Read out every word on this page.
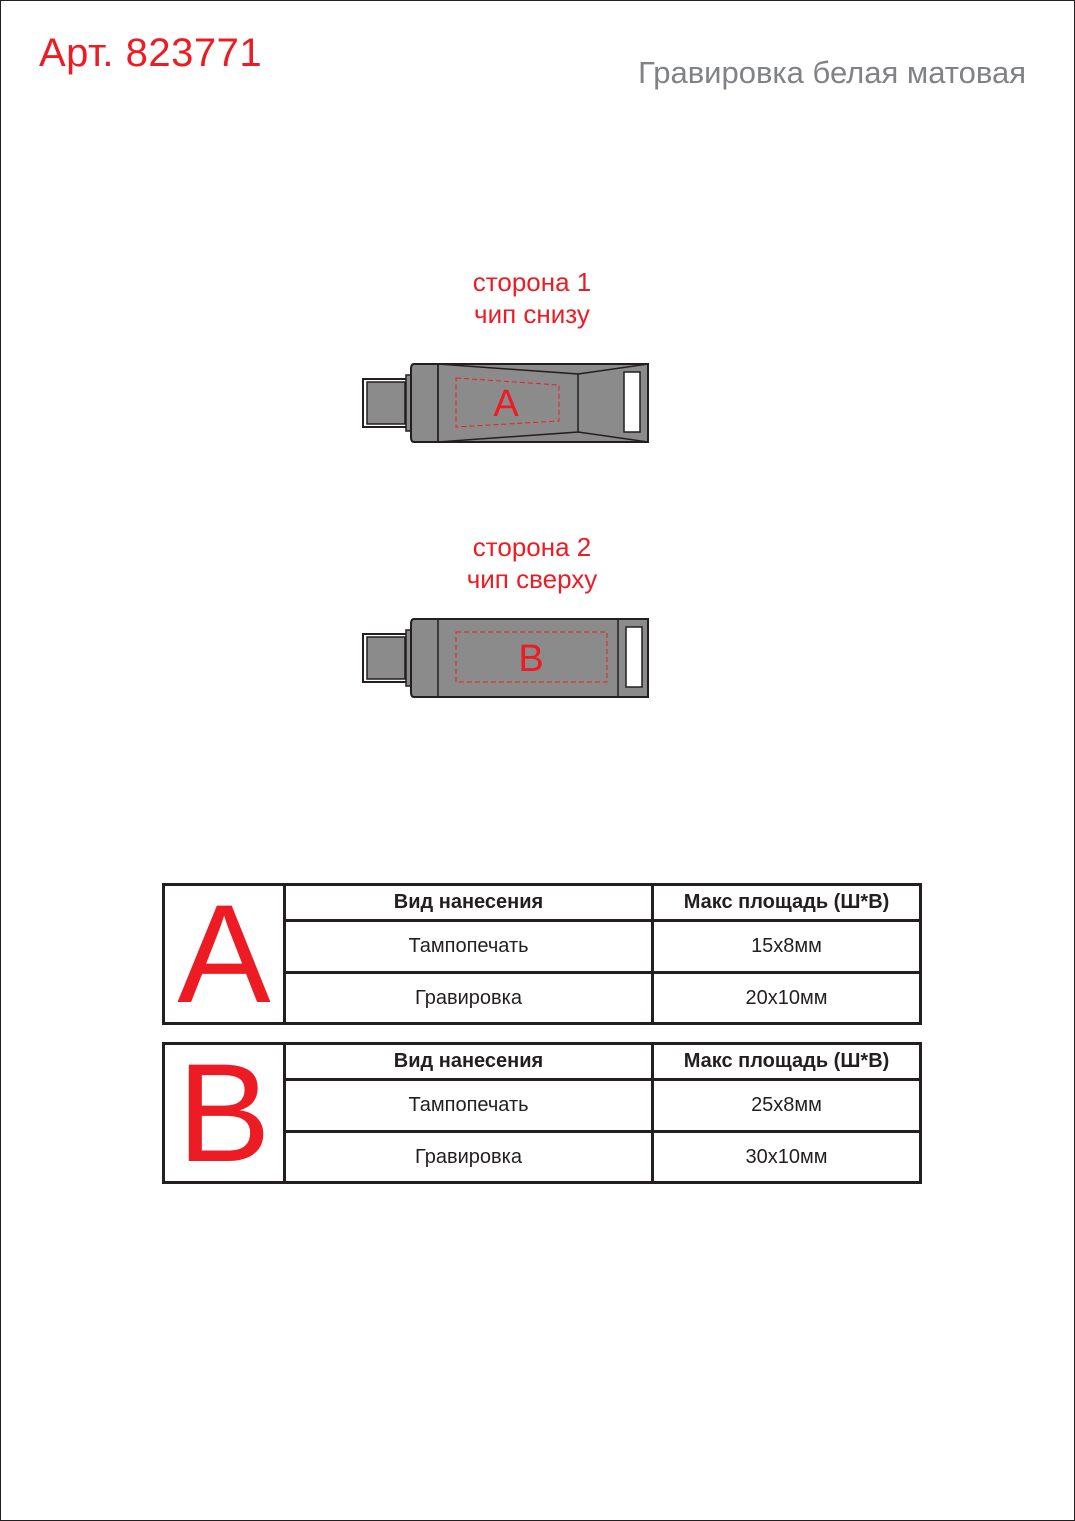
Арт. 823771	Гравировка белая матовая
сторона 1
чип снизу
A
сторона 2
чип сверху
B
A	Вид нанесения	Макс площадь (Ш*В)
Тампопечать	15x8мм
Гравировка	20x10мм
B	Вид нанесения	Макс площадь (Ш*В)
Тампопечать	25x8мм
Гравировка	30x10мм
